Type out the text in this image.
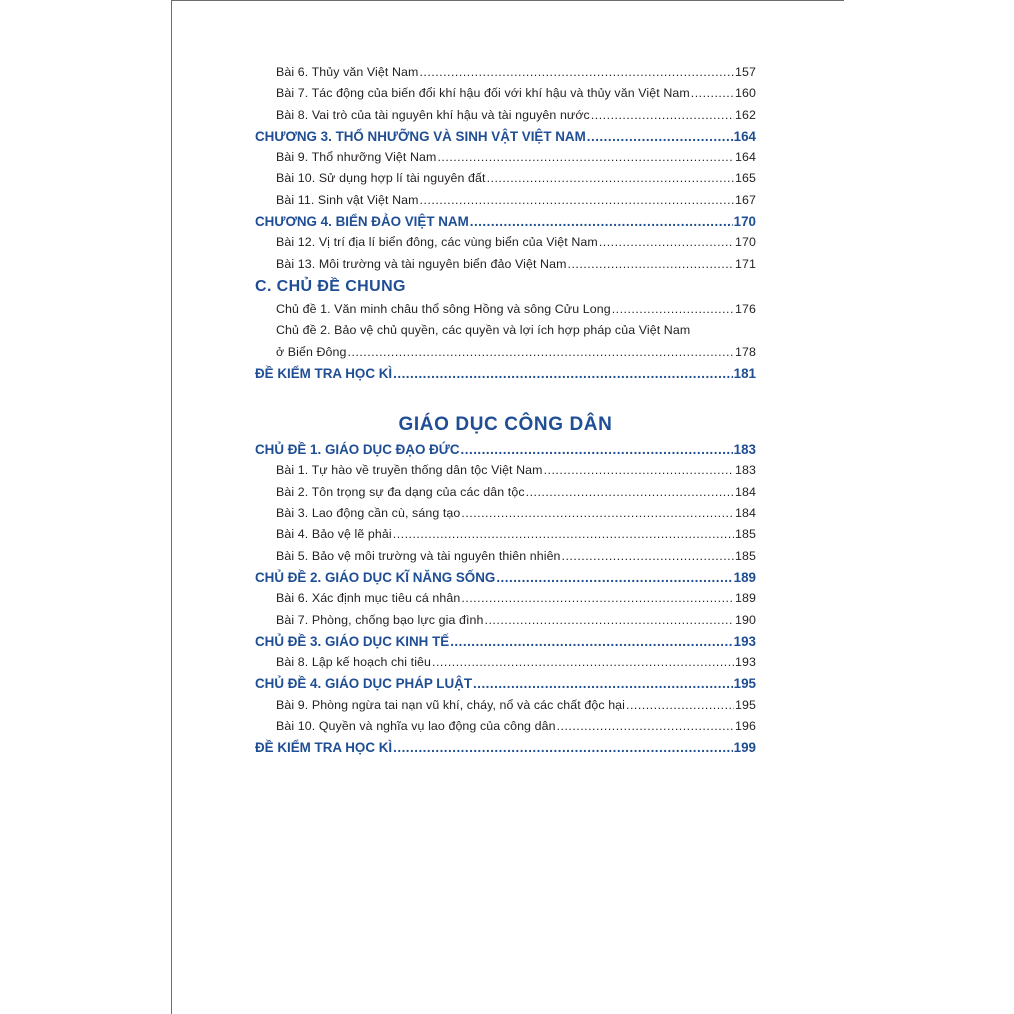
Bài 6. Thủy văn Việt Nam .....	157
Bài 7. Tác động của biến đổi khí hậu đối với khí hậu và thủy văn Việt Nam .....	160
Bài 8. Vai trò của tài nguyên khí hậu và tài nguyên nước .....	162
CHƯƠNG 3. THỔ NHƯỠNG VÀ SINH VẬT VIỆT NAM .....	164
Bài 9. Thổ nhưỡng Việt Nam .....	164
Bài 10. Sử dụng hợp lí tài nguyên đất .....	165
Bài 11. Sinh vật Việt Nam .....	167
CHƯƠNG 4. BIỂN ĐẢO VIỆT NAM .....	170
Bài 12. Vị trí địa lí biển đông, các vùng biển của Việt Nam .....	170
Bài 13. Môi trường và tài nguyên biển đảo Việt Nam .....	171
C. CHỦ ĐỀ CHUNG
Chủ đề 1. Văn minh châu thổ sông Hồng và sông Cửu Long .....	176
Chủ đề 2. Bảo vệ chủ quyền, các quyền và lợi ích hợp pháp của Việt Nam
ở Biển Đông .....	178
ĐỀ KIỂM TRA HỌC KÌ .....	181
GIÁO DỤC CÔNG DÂN
CHỦ ĐỀ 1. GIÁO DỤC ĐẠO ĐỨC .....	183
Bài 1. Tự hào về truyền thống dân tộc Việt Nam .....	183
Bài 2. Tôn trọng sự đa dạng của các dân tộc .....	184
Bài 3. Lao động cần cù, sáng tạo .....	184
Bài 4. Bảo vệ lẽ phải .....	185
Bài 5. Bảo vệ môi trường và tài nguyên thiên nhiên .....	185
CHỦ ĐỀ 2. GIÁO DỤC KĨ NĂNG SỐNG .....	189
Bài 6. Xác định mục tiêu cá nhân .....	189
Bài 7. Phòng, chống bạo lực gia đình .....	190
CHỦ ĐỀ 3. GIÁO DỤC KINH TẾ .....	193
Bài 8. Lập kế hoạch chi tiêu .....	193
CHỦ ĐỀ 4. GIÁO DỤC PHÁP LUẬT .....	195
Bài 9. Phòng ngừa tai nạn vũ khí, cháy, nổ và các chất độc hại .....	195
Bài 10. Quyền và nghĩa vụ lao động của công dân .....	196
ĐỀ KIỂM TRA HỌC KÌ .....	199
